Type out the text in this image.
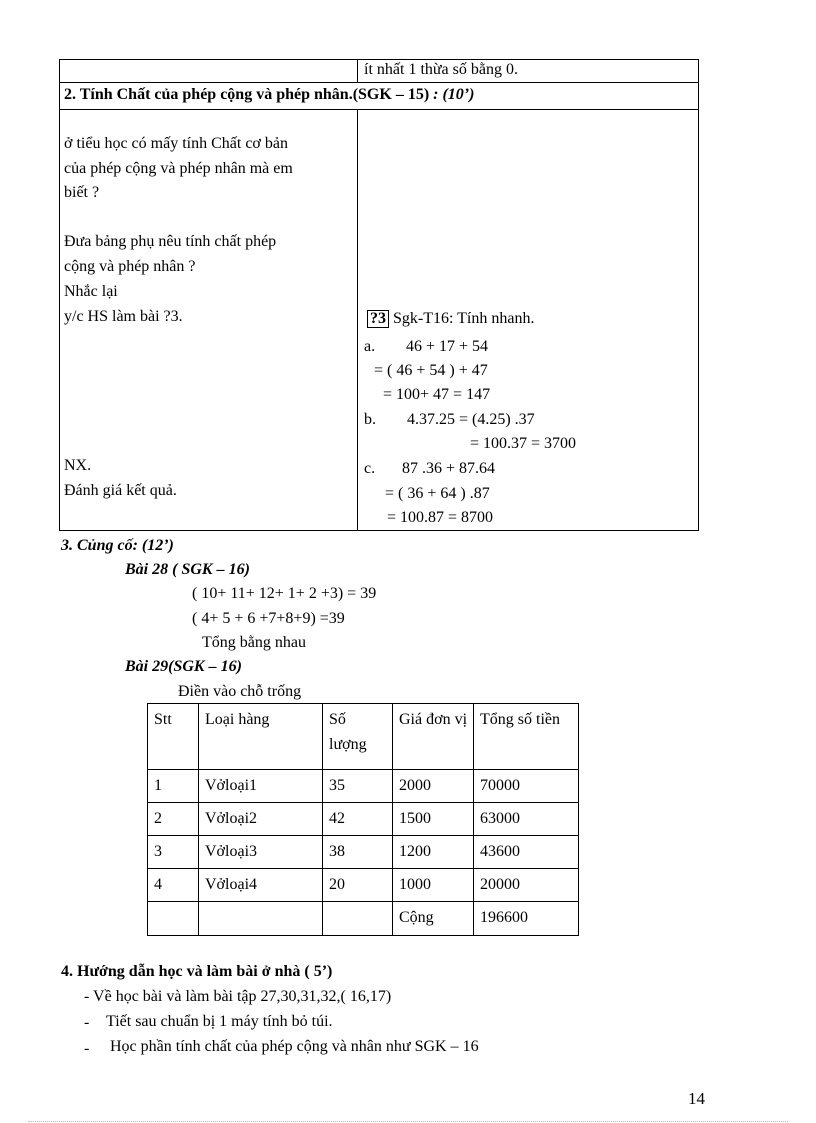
ít nhất 1 thừa số bằng 0.
2. Tính Chất của phép cộng và phép nhân.(SGK – 15) : (10’)
ở tiểu học có mấy tính Chất cơ bản
của phép cộng và phép nhân mà em
biết ?
Đưa bảng phụ nêu tính chất phép
cộng và phép nhân ?
Nhắc lại
y/c HS làm bài ?3.
NX.
Đánh giá kết quả.
?3 Sgk-T16: Tính nhanh.
a. 46 + 17 + 54
= ( 46 + 54 ) + 47
= 100+ 47 = 147
b. 4.37.25 = (4.25) .37
= 100.37 = 3700
c. 87 .36 + 87.64
= ( 36 + 64 ) .87
= 100.87 = 8700
3. Củng cố: (12’)
Bài 28 ( SGK – 16)
( 10+ 11+ 12+ 1+ 2 +3) = 39
( 4+ 5 + 6 +7+8+9) =39
Tổng bằng nhau
Bài 29(SGK – 16)
Điền vào chỗ trống
Stt	Loại hàng	Số lượng	Giá đơn vị	Tổng số tiền
1	Vởloại1	35	2000	70000
2	Vởloại2	42	1500	63000
3	Vởloại3	38	1200	43600
4	Vởloại4	20	1000	20000
			Cộng	196600
4. Hướng dẫn học và làm bài ở nhà ( 5’)
- Về học bài và làm bài tập 27,30,31,32,( 16,17)
- Tiết sau chuẩn bị 1 máy tính bỏ túi.
- Học phần tính chất của phép cộng và nhân như SGK – 16
14
